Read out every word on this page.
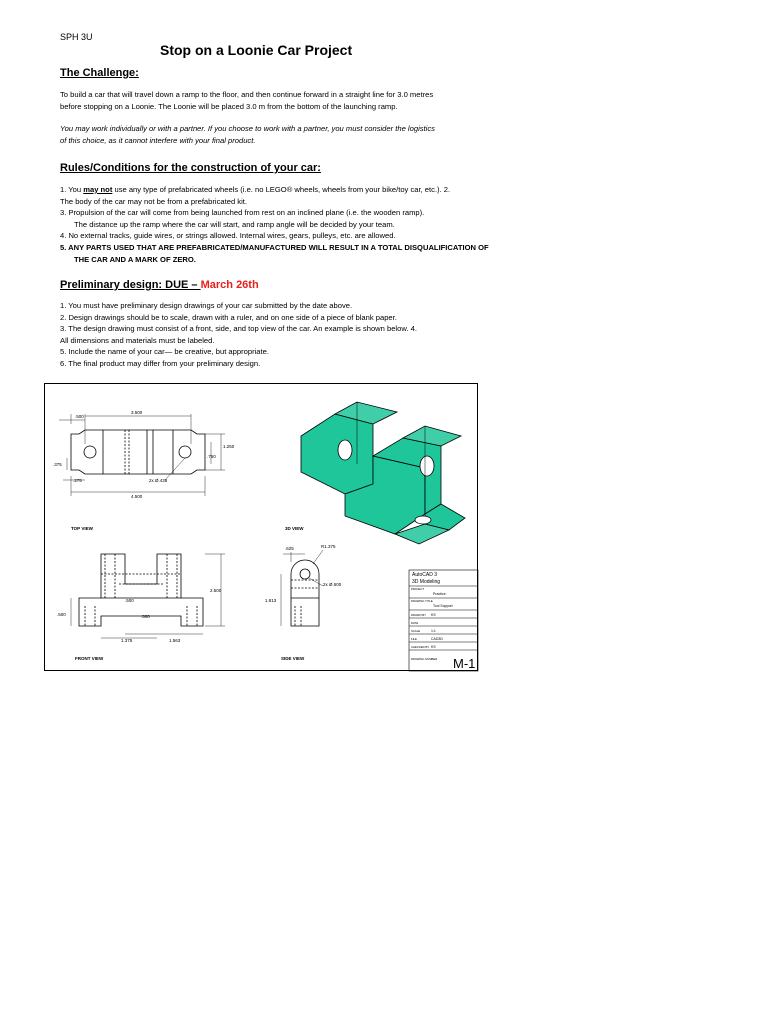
SPH 3U
Stop on a Loonie Car Project
The Challenge:

To build a car that will travel down a ramp to the floor, and then continue forward in a straight line for 3.0 metres

before stopping on a Loonie. The Loonie will be placed 3.0 m from the bottom of the launching ramp.

You may work individually or with a partner. If you choose to work with a partner, you must consider the logistics

of this choice, as it cannot interfere with your final product.

Rules/Conditions for the construction of your car:

1. You may not use any type of prefabricated wheels (i.e. no LEGO® wheels, wheels from your bike/toy car, etc.). 2.

The body of the car may not be from a prefabricated kit.

3. Propulsion of the car will come from being launched from rest on an inclined plane (i.e. the wooden ramp).

The distance up the ramp where the car will start, and ramp angle will be decided by your team.

4. No external tracks, guide wires, or strings allowed. Internal wires, gears, pulleys, etc. are allowed.

5. ANY PARTS USED THAT ARE PREFABRICATED/MANUFACTURED WILL RESULT IN A TOTAL DISQUALIFICATION OF

THE CAR AND A MARK OF ZERO.

Preliminary design: DUE – March 26th

1. You must have preliminary design drawings of your car submitted by the date above.

2. Design drawings should be to scale, drawn with a ruler, and on one side of a piece of blank paper.

3. The design drawing must consist of a front, side, and top view of the car. An example is shown below. 4.

All dimensions and materials must be labeled.

5. Include the name of your car— be creative, but appropriate.

6. The final product may differ from your preliminary design.

TOP VIEW	3D VIEW
FRONT VIEW	SIDE VIEW
.500
3.500
1.250
.750
.375
.275	2x Ø.438
4.500
2.500
.500
.500
.500
1.375	1.563
.625	R1.375
2x Ø.500
1.813
AutoCAD 3
3D Modeling
PROJECT
Practice
DRAWING TITLE
Tool Support
DRAWN BY KS
DATE
SCALE	1:1
FILE	CAD3D
CHECKED BY KS
DRAWING NUMBER M-1
